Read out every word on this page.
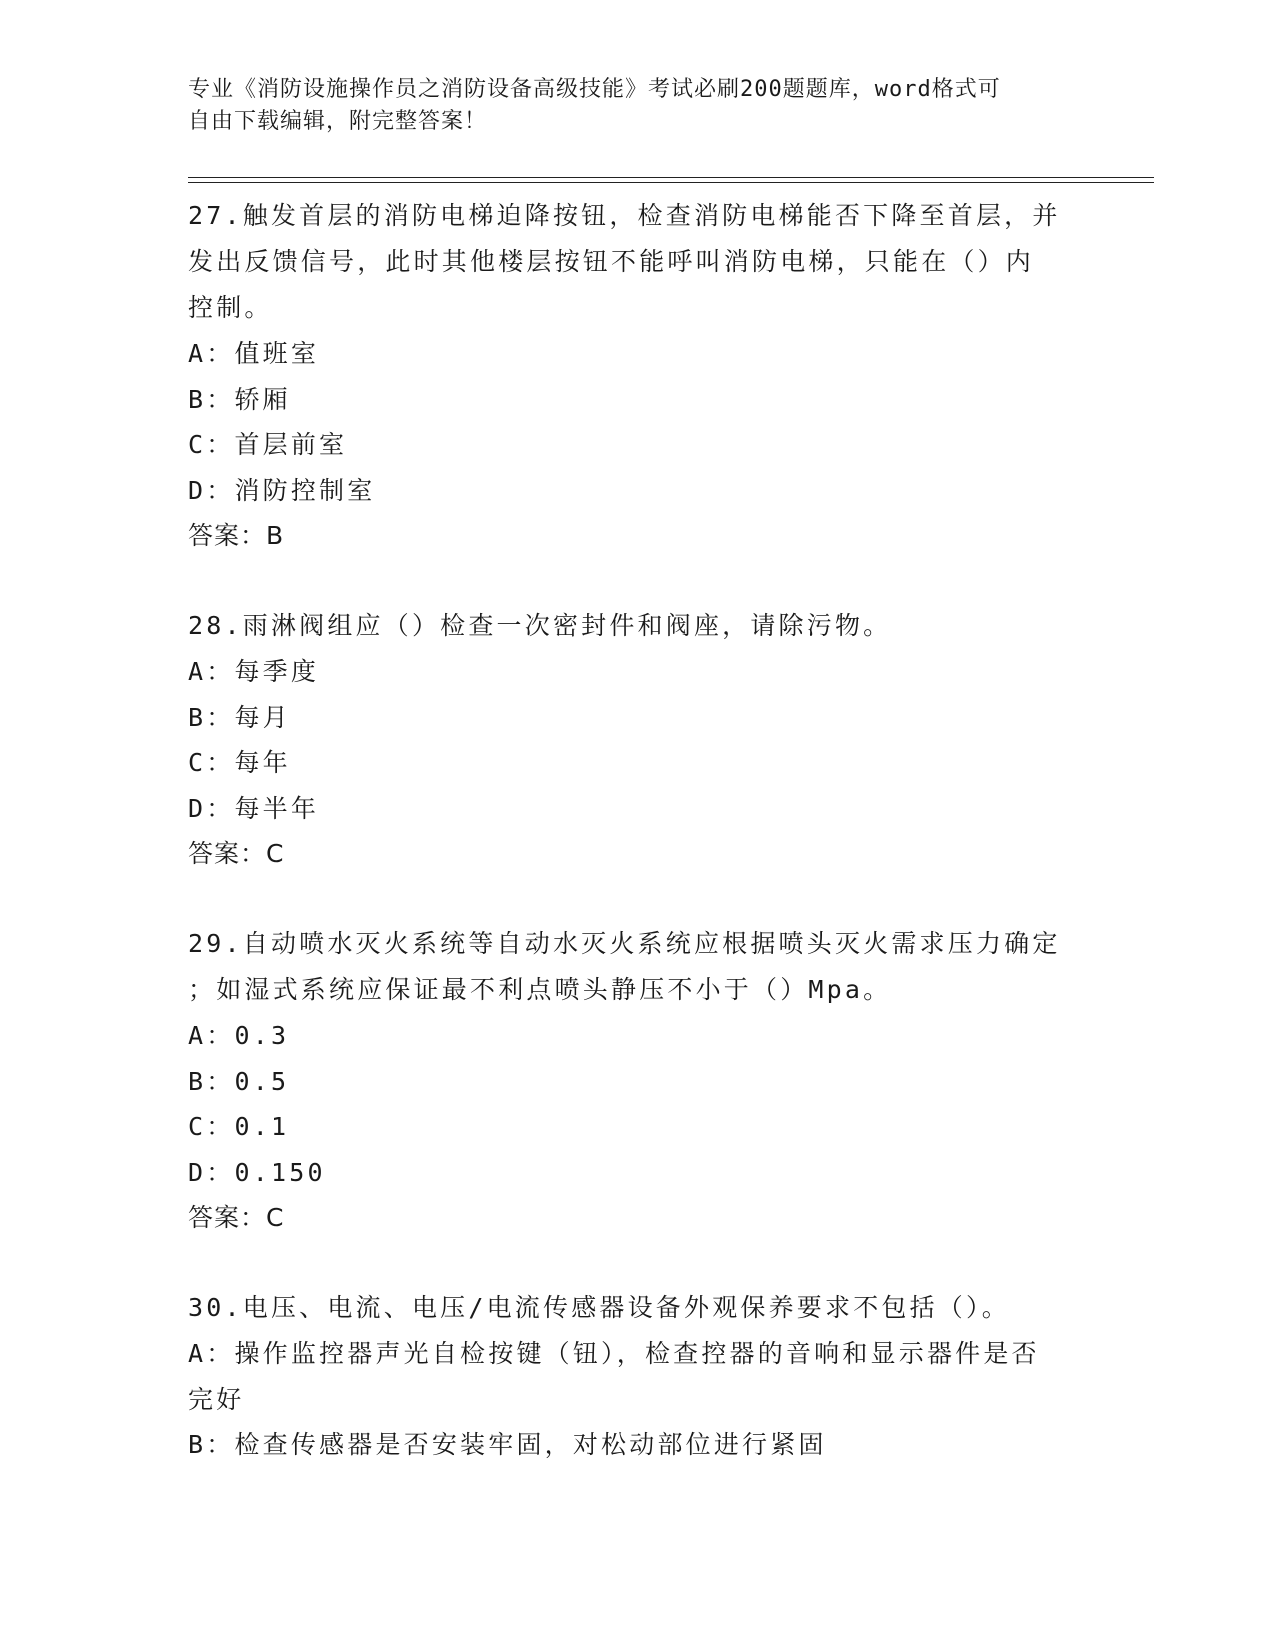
专业《消防设施操作员之消防设备高级技能》考试必刷200题题库，word格式可
自由下载编辑，附完整答案！
27.触发首层的消防电梯迫降按钮，检查消防电梯能否下降至首层，并
发出反馈信号，此时其他楼层按钮不能呼叫消防电梯，只能在（）内
控制。
A：值班室
B：轿厢
C：首层前室
D：消防控制室
答案：B
28.雨淋阀组应（）检查一次密封件和阀座，请除污物。
A：每季度
B：每月
C：每年
D：每半年
答案：C
29.自动喷水灭火系统等自动水灭火系统应根据喷头灭火需求压力确定
；如湿式系统应保证最不利点喷头静压不小于（）Mpa。
A：0.3
B：0.5
C：0.1
D：0.150
答案：C
30.电压、电流、电压/电流传感器设备外观保养要求不包括（）。
A：操作监控器声光自检按键（钮），检查控器的音响和显示器件是否
完好
B：检查传感器是否安装牢固，对松动部位进行紧固
